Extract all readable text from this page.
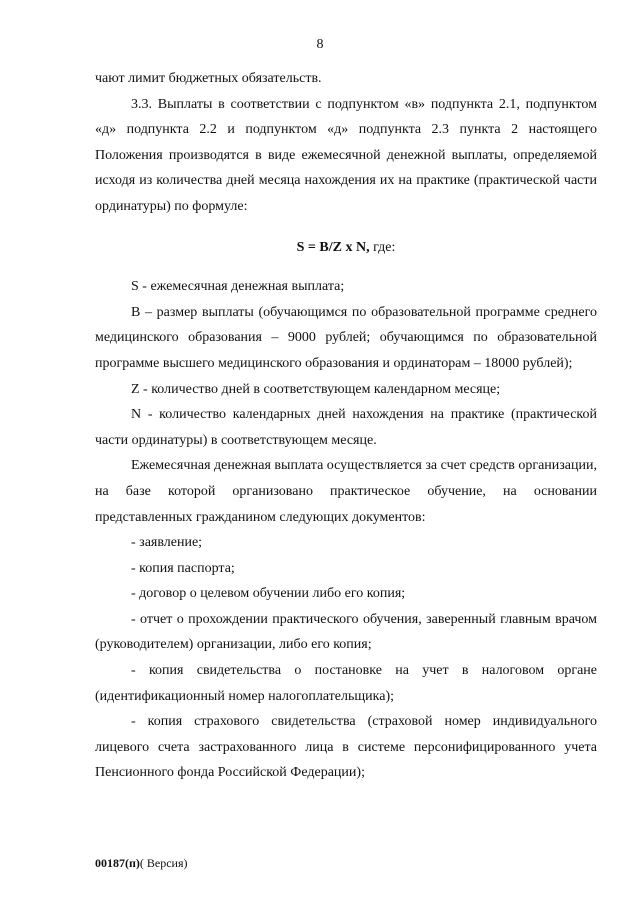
8

чают лимит бюджетных обязательств.

3.3. Выплаты в соответствии с подпунктом «в» подпункта 2.1, подпунктом «д» подпункта 2.2 и подпунктом «д» подпункта 2.3 пункта 2 настоящего Положения производятся в виде ежемесячной денежной выплаты, определяемой исходя из количества дней месяца нахождения их на практике (практической части ординатуры) по формуле:

S = B/Z x N, где:

S - ежемесячная денежная выплата;

B – размер выплаты (обучающимся по образовательной программе среднего медицинского образования – 9000 рублей; обучающимся по образовательной программе высшего медицинского образования и ординаторам – 18000 рублей);

Z - количество дней в соответствующем календарном месяце;

N - количество календарных дней нахождения на практике (практической части ординатуры) в соответствующем месяце.

Ежемесячная денежная выплата осуществляется за счет средств организации, на базе которой организовано практическое обучение, на основании представленных гражданином следующих документов:

- заявление;

- копия паспорта;

- договор о целевом обучении либо его копия;

- отчет о прохождении практического обучения, заверенный главным врачом (руководителем) организации, либо его копия;

- копия свидетельства о постановке на учет в налоговом органе (идентификационный номер налогоплательщика);

- копия страхового свидетельства (страховой номер индивидуального лицевого счета застрахованного лица в системе персонифицированного учета Пенсионного фонда Российской Федерации);

00187(п)( Версия)
